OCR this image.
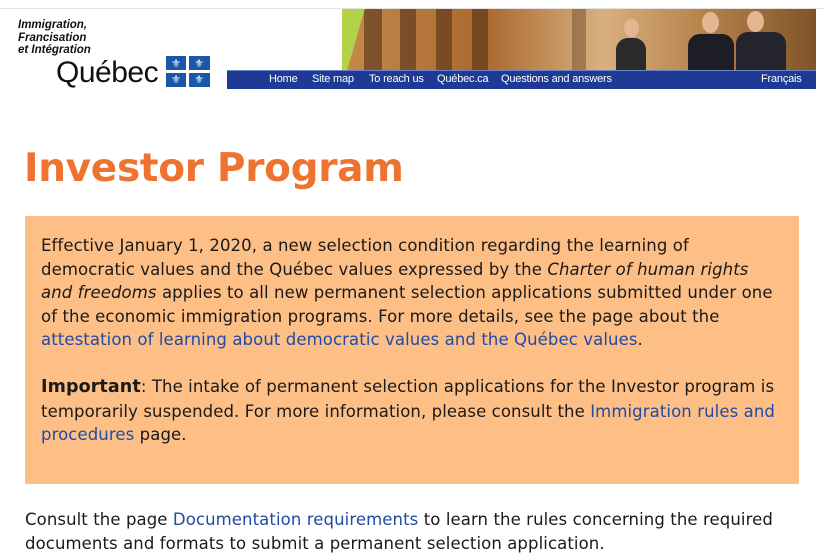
Immigration,
Francisation
et Intégration
Québec	⚜	⚜
⚜	⚜	Home Site map To reach us Québec.ca Questions and answers	Français
Investor Program

Effective January 1, 2020, a new selection condition regarding the learning of democratic values and the Québec values expressed by the Charter of human rights and freedoms applies to all new permanent selection applications submitted under one of the economic immigration programs. For more details, see the page about the attestation of learning about democratic values and the Québec values.

Important: The intake of permanent selection applications for the Investor program is temporarily suspended. For more information, please consult the Immigration rules and procedures page.

Consult the page Documentation requirements to learn the rules concerning the required documents and formats to submit a permanent selection application.
